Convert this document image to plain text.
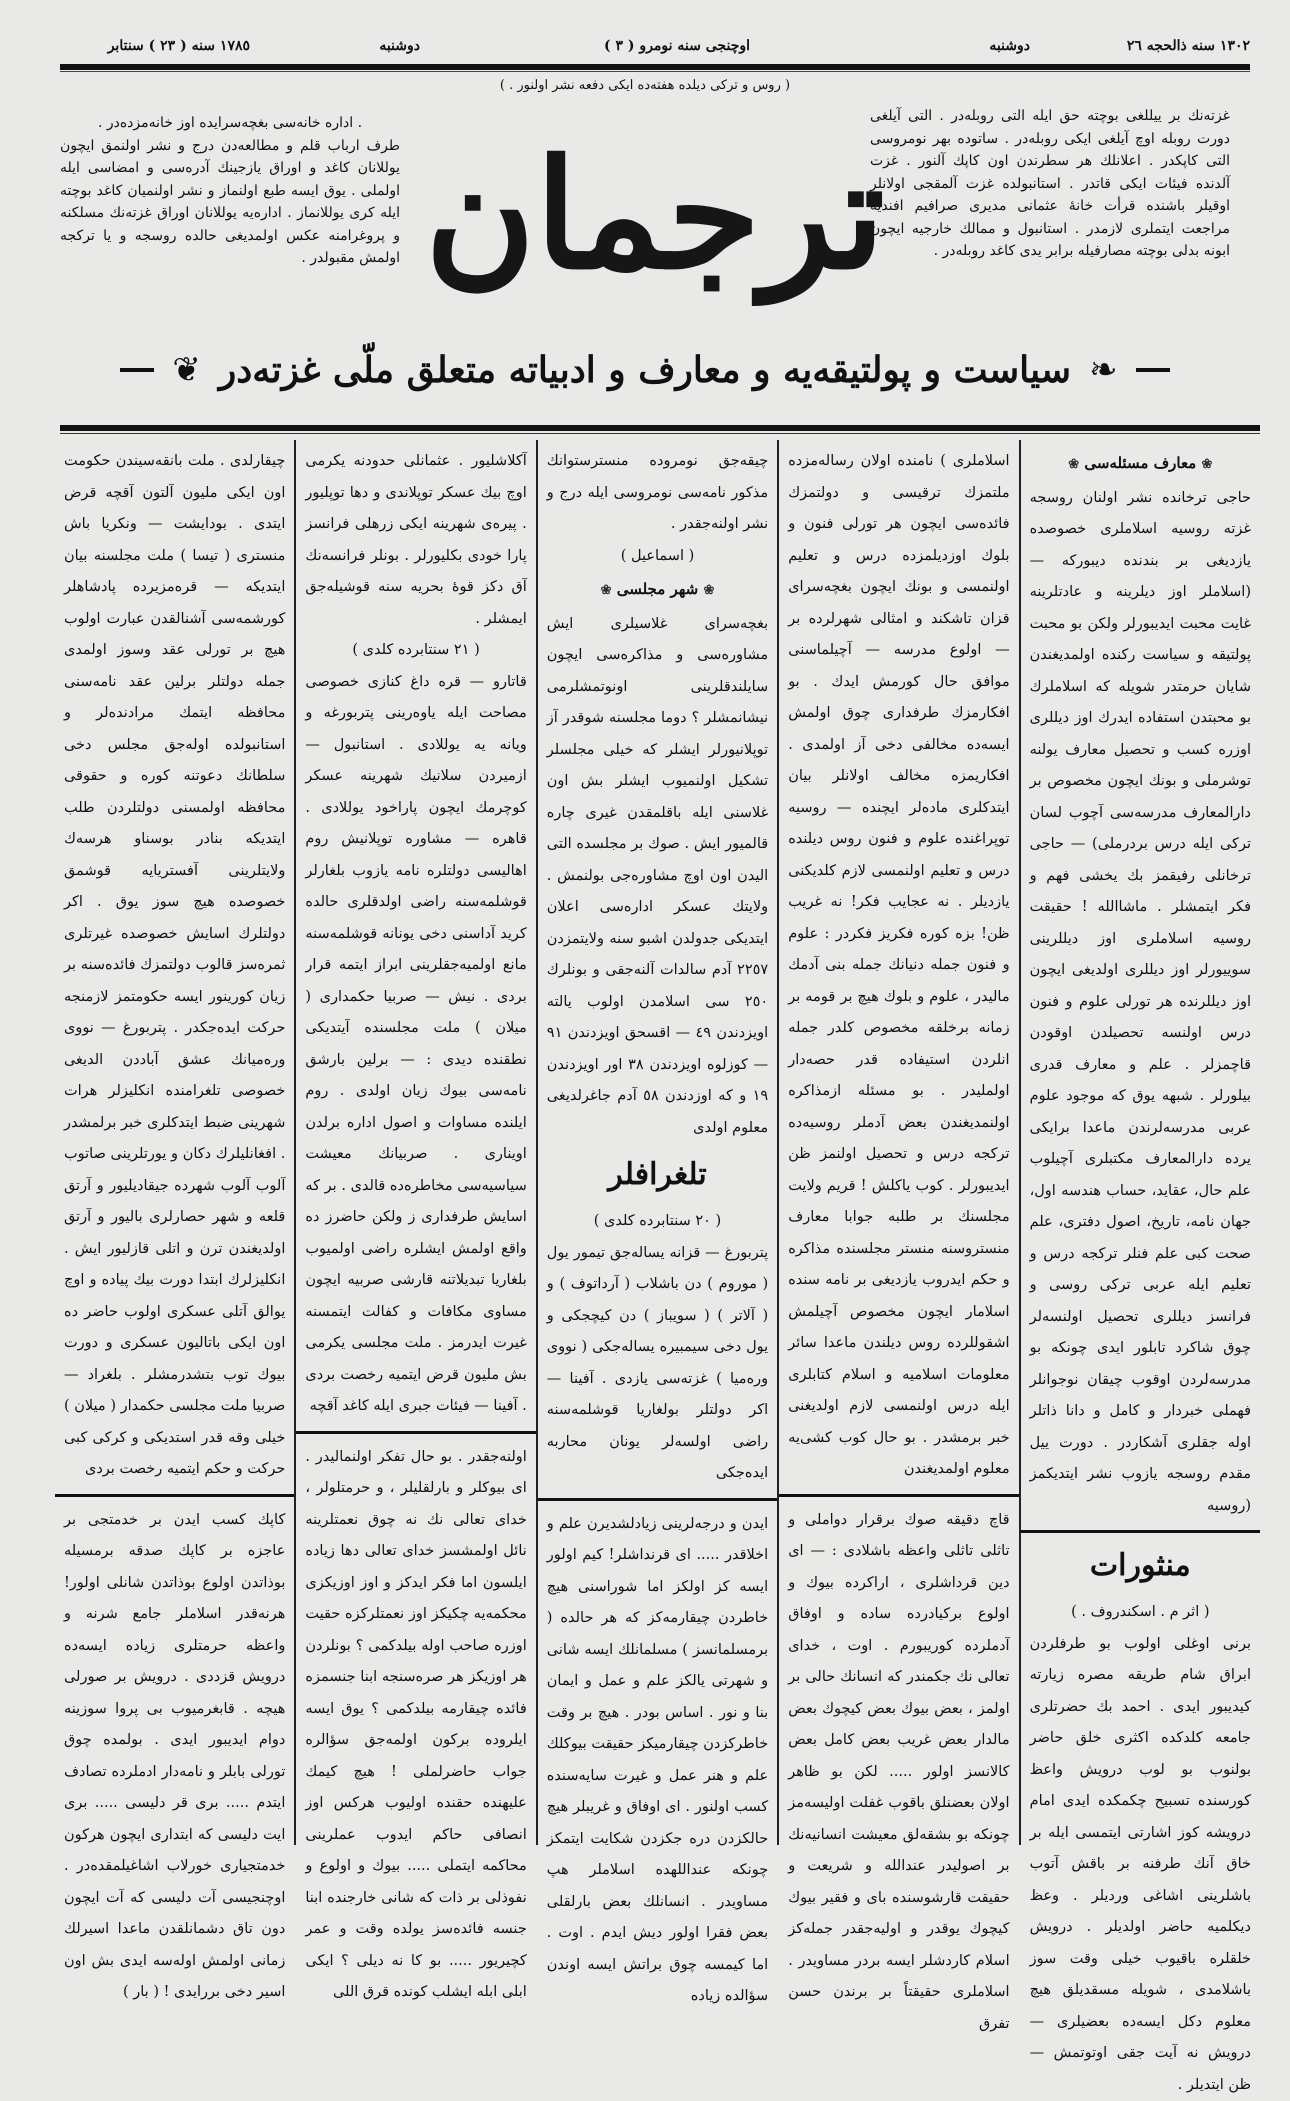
١٣٠٢ سنه ذالحجه ٢٦
دوشنبه
اوچنجی سنه نومرو ( ٣ )
دوشنبه
١٧٨٥ سنه ( ٢٣ ) سنتابر
( روس و ترکی دیلده هفته‌ده ایکی دفعه نشر اولنور . )

. اداره خانه‌سی بغچه‌سرایده اوز خانه‌مزده‌در .

طرف ارباب قلم و مطالعه‌دن درج و نشر اولنمق ایچون یوللانان کاغد و اوراق یازجینك آدره‌سی و امضاسی ایله اولملی . یوق ایسه طبع اولنماز و نشر اولنمیان کاغد بوچته ایله کری یوللانماز . اداره‌یه یوللانان اوراق غزته‌نك مسلکنه و پروغرامنه عکس اولمدیغی حالده روسجه و یا ترکجه اولمش مقبولدر . ترجمان

غزته‌نك بر ییللغی بوچته حق ایله التی روبله‌در . التی آیلغی دورت روبله اوچ آیلغی ایکی روبله‌در . ساتوده بهر نومروسی التی کاپکدر . اعلانلك هر سطرندن اون کاپك آلنور . غزت آلدنده فیئات ایکی قاتدر . استانبولده غزت آلمقجی اولانلر اوقیلر باشنده قرأت خانهٔ عثمانی مدیری صرافیم افندیه مراجعت ایتملری لازمدر . استانبول و ممالك خارجیه ایچون ابونه بدلی بوچته مصارفیله برابر یدی کاغد روبله‌در .

❦ سیاست و پولتیقه‌یه و معارف و ادبیاته متعلق ملّی غزته‌در ❧
❀ معارف مسئله‌سی ❀

حاجی ترخانده نشر اولنان روسجه غزته روسیه اسلاملری خصوصده یازدیغی بر بندنده دیبورکه — (اسلاملر اوز دیلرینه و عادتلرینه غایت محبت ایدیبورلر ولکن بو محبت پولتیقه و سیاست رکنده اولمدیغندن شایان حرمتدر شویله که اسلاملرك بو محبتدن استفاده ایدرك اوز دیللری اوزره کسب و تحصیل معارف یولنه توشرملی و بونك ایچون مخصوص بر دارالمعارف مدرسه‌سی آچوب لسان ترکی ایله درس بردرملی) — حاجی ترخانلی رفیقمز بك یخشی فهم و فکر ایتمشلر . ماشاالله ! حقیقت روسیه اسلاملری اوز دیللرینی سوییورلر اوز دیللری اولدیغی ایچون اوز دیللرنده هر تورلی علوم و فنون درس اولنسه تحصیلدن اوقودن قاچمزلر . علم و معارف قدری بیلورلر . شبهه یوق که موجود علوم عربی مدرسه‌لرندن ماعدا برایکی یرده دارالمعارف مکتبلری آچیلوب علم حال، عقاید، حساب هندسه اول، جهان نامه، تاریخ، اصول دفتری، علم صحت کبی علم فنلر ترکجه درس و تعلیم ایله عربی ترکی روسی و فرانسز دیللری تحصیل اولنسه‌لر چوق شاکرد تابلور ایدی چونکه بو مدرسه‌لردن اوقوب چیقان نوجوانلر فهملی خبردار و کامل و دانا ذاتلر اوله جقلری آشکاردر . دورت ییل مقدم روسجه یازوب نشر ایتدیکمز (روسیه

منثورات

( اثر م . اسکندروف . )

برنی اوغلی اولوب بو طرفلردن ابراق شام طریقه مصره زیارته کیدیبور ایدی . احمد بك حضرتلری جامعه کلدکده اکثری خلق حاضر بولنوب بو لوب درویش واعظ کورسنده تسبیح چکمکده ایدی امام درویشه کوز اشارتی ایتمسی ایله بر خاق آنك طرفنه بر باقش آتوب باشلرینی اشاغی وردیلر . وعظ دیکلمیه حاضر اولدیلر . درویش خلقلره باقیوب خیلی وقت سوز باشلامدی ، شویله مسقدیلق هیچ معلوم دکل ایسه‌ده بعضیلری — درویش نه آیت جقی اوتوتمش — ظن ایتدیلر .

اسلاملری ) نامنده اولان رساله‌مزده ملتمزك ترقیسی و دولتمزك فائده‌سی ایچون هر تورلی فنون و بلوك اوزدیلمزده درس و تعلیم اولنمسی و بونك ایچون بغچه‌سرای قزان تاشکند و امثالی شهرلرده بر — اولوع مدرسه — آچیلماسنی موافق حال کورمش ایدك . بو افکارمزك طرفداری چوق اولمش ایسه‌ده مخالفی دخی آز اولمدی . افکاریمزه مخالف اولانلر بیان ایتدکلری ماده‌لر ایچنده — روسیه توپراغنده علوم و فنون روس دیلنده درس و تعلیم اولنمسی لازم کلدیکنی یازدیلر . نه عجایب فکر! نه غریب ظن! بزه کوره فکریز فکردر : علوم و فنون جمله دنیانك جمله بنی آدمك مالیدر ، علوم و بلوك هیچ بر قومه بر زمانه برخلقه مخصوص کلدر جمله انلردن استیفاده قدر حصه‌دار اولملیدر . بو مسئله ازمذاکره اولنمدیغندن بعض آدملر روسیه‌ده ترکجه درس و تحصیل اولنمز ظن ایدیبورلر . کوب یاکلش ! قریم ولایت مجلسنك بر طلبه جوابا معارف منستروسنه منستر مجلسنده مذاکره و حکم ایدروب یازدیغی بر نامه سنده اسلامار ایچون مخصوص آچیلمش اشقوللرده روس دیلندن ماعدا سائر معلومات اسلامیه و اسلام کتابلری ایله درس اولنمسی لازم اولدیغنی خبر برمشدر . بو حال کوب کشی‌یه معلوم اولمدیغندن

قاچ دقیقه صوك برقرار دواملی و تاثلی تاثلی واعظه باشلادی : — ای دین قرداشلری ، اراکرده بیوك و اولوع برکیادرده ساده و اوفاق آدملرده کوریبورم . اوت ، خدای تعالی نك جکمندر که انسانك حالی بر اولمز ، بعض بیوك بعض کیچوك بعض مالدار بعض غریب بعض کامل بعض کالانسز اولور ..... لکن بو ظاهر اولان بعضنلق باقوب غفلت اولیسه‌مز چونکه بو بشقه‌لق معیشت انسانیه‌نك بر اصولیدر عندالله و شریعت و حقیقت قارشوسنده بای و فقیر بیوك کیچوك یوقدر و اولیه‌جقدر جمله‌کز اسلام کاردشلر ایسه بردر مساویدر . اسلاملری حقیقتاً بر برندن حسن تفرق

چیقه‌جق نومروده منسترستوانك مذکور نامه‌سی نومروسی ایله درج و نشر اولنه‌جقدر .

( اسماعیل )

❀ شهر مجلسی ❀

بغچه‌سرای غلاسیلری ایش مشاوره‌سی و مذاکره‌سی ایچون سایلندقلرینی اونوتمشلرمی نیشانمشلر ؟ دوما مجلسنه شوقدر آز توپلانیورلر ایشلر که خیلی مجلسلر تشکیل اولنمیوب ایشلر بش اون غلاسنی ایله باقلمقدن غیری چاره قالمیور ایش . صوك بر مجلسده التی الیدن اون اوچ مشاوره‌جی بولنمش . ولایتك عسکر اداره‌سی اعلان ایتدیکی جدولدن اشبو سنه ولایتمزدن ٢٢٥٧ آدم سالدات آلنه‌جقی و بونلرك ٢٥٠ سی اسلامدن اولوب یالته اویزدندن ٤٩ — اقسحق اویزدندن ٩١ — کوزلوه اویزدندن ٣٨ اور اویزدندن ١٩ و که اوزدندن ٥٨ آدم جاغرلدیغی معلوم اولدی

تلغرافلر

( ٢٠ سنتابرده کلدی )

پتربورغ — قزانه یساله‌جق تیمور یول ( موروم ) دن باشلاب ( آرداتوف ) و ( آلاتر ) ( سویباز ) دن کیچجکی و یول دخی سیمبیره یساله‌جکی ( نووی وره‌میا ) غزته‌سی یازدی . آفینا — اکر دولتلر بولغاریا قوشلمه‌سنه راضی اولسه‌لر یونان محاربه ایده‌جکی

ایدن و درجه‌لرینی زیادلشدیرن علم و اخلاقدر ..... ای قرنداشلر! کیم اولور ایسه کز اولکز اما شوراسنی هیچ خاطردن چیقارمه‌کز که هر حالده ( برمسلمانسز ) مسلمانلك ایسه شانی و شهرتی یالکز علم و عمل و ایمان بنا و نور . اساس بودر . هیچ بر وقت خاطرکزدن چیقارمیکز حقیقت بیوکلك علم و هنر عمل و غیرت سایه‌سنده کسب اولنور . ای اوفاق و غریبلر هیچ حالکزدن دره جکزدن شکایت ایتمکز چونکه عنداللهده اسلاملر هپ مساویدر . انسانلك بعض بارلقلی بعض فقرا اولور دیش ایدم . اوت . اما کیمسه چوق براتش ایسه اوندن سؤالده زیاده

آکلاشلیور . عثمانلی حدودنه یکرمی اوچ بیك عسکر توپلاندی و دها توپلیور . پیره‌ی شهرینه ایکی زرهلی فرانسز پارا خودی بکلیورلر . بونلر فرانسه‌نك آق دکز قوهٔ بحریه سنه قوشیله‌جق ایمشلر .

( ٢١ سنتابرده کلدی )

قاتارو — قره داغ کنازی خصوصی مصاحت ایله یاوه‌رینی پتربورغه و ویانه یه یوللادی . استانبول — ازمیردن سلانیك شهرینه عسکر کوچرمك ایچون پاراخود یوللادی . قاهره — مشاوره توپلانیش روم اهالیسی دولتلره نامه یازوب بلغارلر قوشلمه‌سنه راضی اولدقلری حالده کرید آداسنی دخی یونانه قوشلمه‌سنه مانع اولمیه‌جقلرینی ابراز ایتمه قرار بردی . نیش — صربیا حکمداری ( میلان ) ملت مجلسنده آیتدیکی نطقنده دیدی : — برلین بارشق نامه‌سی بیوك زیان اولدی . روم ایلنده مساوات و اصول اداره برلدن اویناری . صربیانك معیشت سیاسیه‌سی مخاطره‌ده قالدی . بر که اسایش طرفداری ز ولکن حاضرز ده واقع اولمش ایشلره راضی اولمیوب بلغاریا تبدیلاتنه قارشی صربیه ایچون مساوی مکافات و کفالت ایتمسنه غیرت ایدرمز . ملت مجلسی یکرمی بش ملیون قرض ایتمیه رخصت بردی . آفینا — فیئات جبری ایله کاغد آقچه

اولنه‌جقدر . بو حال تفکر اولنمالیدر . ای بیوکلر و بارلقلیلر ، و حرمتلولر ، خدای تعالی نك نه چوق نعمتلرینه نائل اولمشسز خدای تعالی دها زیاده ایلسون اما فکر ایدکز و اوز اوزیکزی محکمه‌یه چکیکز اوز نعمتلرکزه حقیت اوزره صاحب اوله بیلدکمی ؟ بونلردن هر اوزیکز هر صره‌سنجه ابنا جنسمزه فائده چیقارمه بیلدکمی ؟ یوق ایسه ایلروده برکون اولمه‌جق سؤالره جواب حاضرلملی ! هیچ کیمك علیهنده حقنده اولیوب هرکس اوز انصافی حاکم ایدوب عملرینی محاکمه ایتملی ..... بیوك و اولوع و نفوذلی بر ذات که شانی خارجنده ابنا جنسه فائده‌سز یولده وقت و عمر کچیریور ..... بو کا نه دیلی ؟ ایکی ابلی ابله ایشلب کونده قرق اللی

چیقارلدی . ملت بانقه‌سیندن حکومت اون ایکی ملیون آلتون آقچه قرض ایتدی . بودایشت — ونکریا باش منستری ( تیسا ) ملت مجلسنه بیان ایتدیکه — قره‌مزیرده پادشاهلر کورشمه‌سی آشنالقدن عبارت اولوب هیچ بر تورلی عقد وسوز اولمدی جمله دولتلر برلین عقد نامه‌سنی محافظه ایتمك مرادنده‌لر و استانبولده اوله‌جق مجلس دخی سلطانك دعوتنه کوره و حقوقی محافظه اولمسنی دولتلردن طلب ایتدیکه بنادر بوسناو هرسه‌ك ولایتلرینی آفستریایه قوشمق خصوصده هیچ سوز یوق . اکر دولتلرك اسایش خصوصده غیرتلری ثمره‌سز قالوب دولتمزك فائده‌سنه بر زیان کورینور ایسه حکومتمز لازمنجه حرکت ایده‌جکدر . پتربورغ — نووی وره‌میانك عشق آباددن الدیغی خصوصی تلغرامنده انکلیزلر هرات شهرینی ضبط ایتدکلری خبر برلمشدر . افغانلیلرك دکان و یورتلرینی صاتوب آلوب آلوب شهرده جیقادیلیور و آرتق قلعه و شهر حصارلری بالیور و آرتق اولدیغندن ترن و اتلی قازلیور ایش . انکلیزلرك ابتدا دورت بیك پیاده و اوچ یوالق آتلی عسکری اولوب حاضر ده اون ایکی باتالیون عسکری و دورت بیوك توب بتشدرمشلر . بلغراد — صربیا ملت مجلسی حکمدار ( میلان ) خیلی وقه قدر استدیکی و کرکی کبی حرکت و حکم ایتمیه رخصت بردی

کاپك کسب ایدن بر خدمتجی بر عاجزه بر کاپك صدقه برمسیله بوذاتدن اولوع بوذاتدن شانلی اولور! هرنه‌قدر اسلاملر جامع شرنه و واعظه حرمتلری زیاده ایسه‌ده درویش قزددی . درویش بر صورلی هیچه . قابغرمیوب بی پروا سوزینه دوام ایدیبور ایدی . بولمده چوق تورلی بابلر و نامه‌دار ادملرده تصادف ایتدم ..... بری قر دلیسی ..... بری ایت دلیسی که ابتداری ایچون هرکون خدمتجیاری خورلاب اشاغیلمقده‌در . اوچنجیسی آت دلیسی که آت ایچون دون تاق دشمانلقدن ماعدا اسیرلك زمانی اولمش اوله‌سه ایدی بش اون اسیر دخی بررایدی ! ( بار )
